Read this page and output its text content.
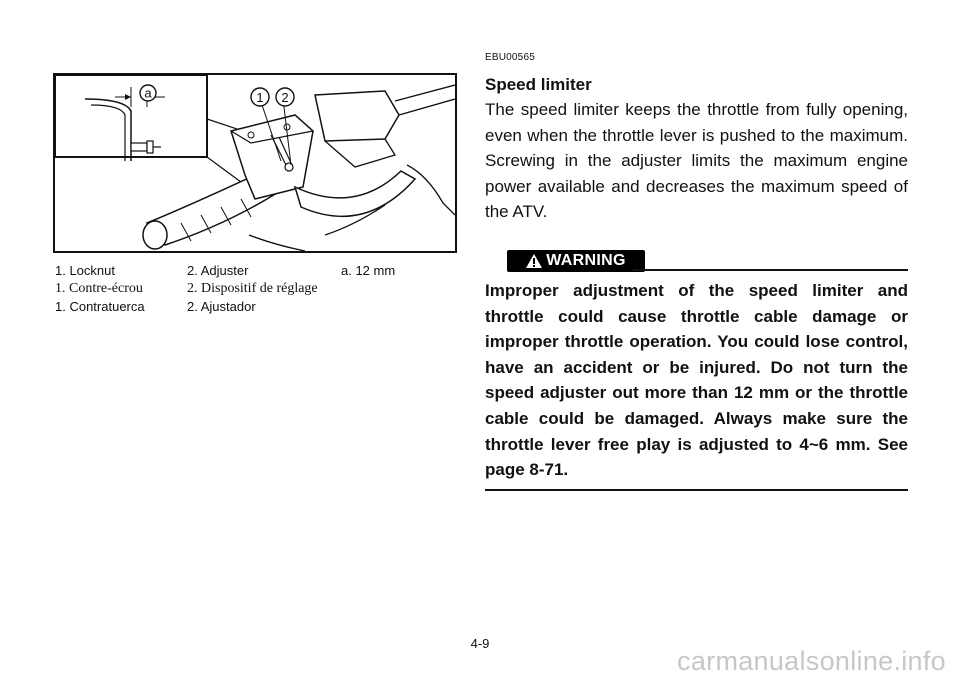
a	1 2
1. Locknut	2. Adjuster	a. 12 mm
1. Contre-écrou	2. Dispositif de réglage
1. Contratuerca	2. Ajustador
EBU00565
Speed limiter

The speed limiter keeps the throttle from fully opening, even when the throttle lever is pushed to the maximum. Screwing in the adjuster limits the maximum engine power available and decreases the maximum speed of the ATV.

WARNING

Improper adjustment of the speed limiter and throttle could cause throttle cable damage or improper throttle operation. You could lose control, have an accident or be injured. Do not turn the speed adjuster out more than 12 mm or the throttle cable could be damaged. Always make sure the throttle lever free play is adjusted to 4~6 mm. See page 8-71.

4-9
carmanualsonline.info
